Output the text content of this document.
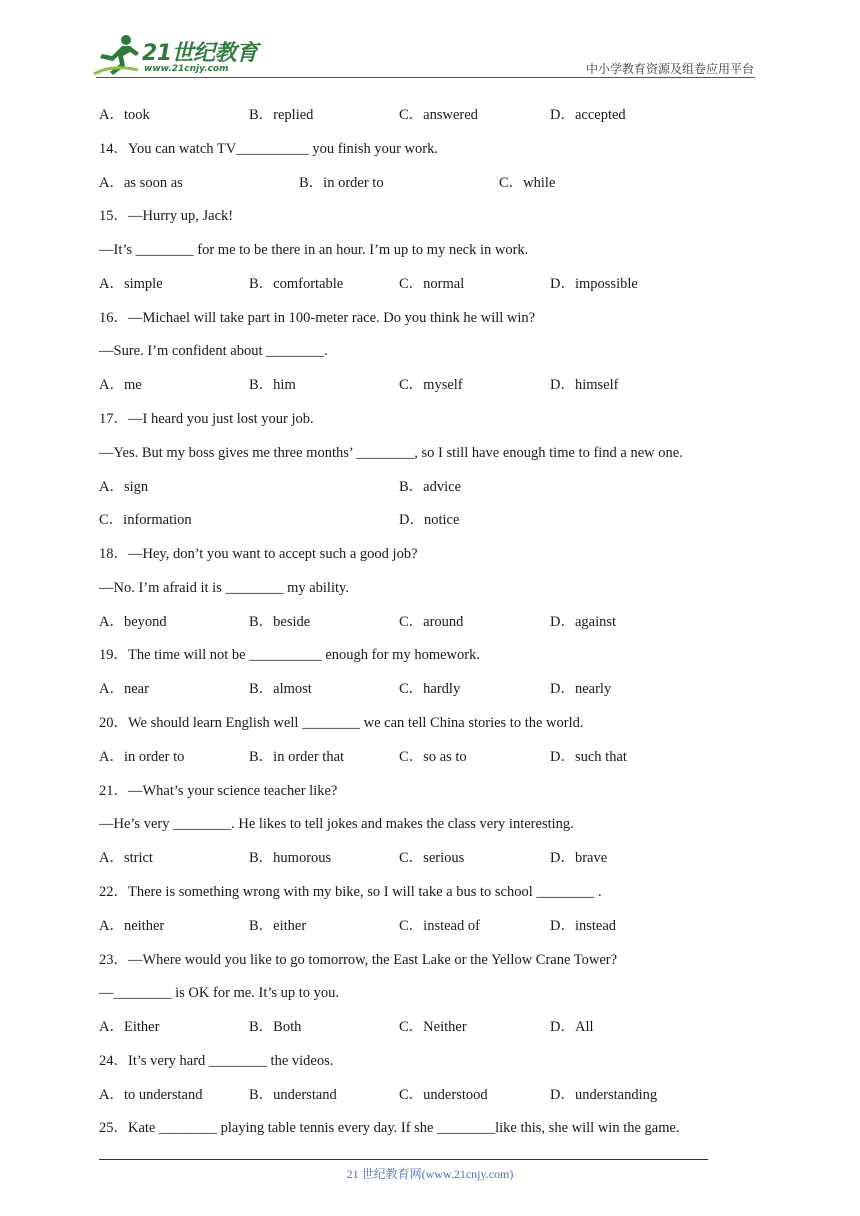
21世纪教育
www.21cnjy.com	中小学教育资源及组卷应用平台
A．took	B．replied	C．answered	D．accepted
14．You can watch TV__________ you finish your work.
A．as soon as	B．in order to	C．while
15．—Hurry up, Jack!
—It’s ________ for me to be there in an hour. I’m up to my neck in work.
A．simple	B．comfortable	C．normal	D．impossible
16．—Michael will take part in 100-meter race. Do you think he will win?
—Sure. I’m confident about ________.
A．me	B．him	C．myself	D．himself
17．—I heard you just lost your job.
—Yes. But my boss gives me three months’ ________, so I still have enough time to find a new one.
A．sign	B．advice
C．information	D．notice
18．—Hey, don’t you want to accept such a good job?
—No. I’m afraid it is ________ my ability.
A．beyond	B．beside	C．around	D．against
19．The time will not be __________ enough for my homework.
A．near	B．almost	C．hardly	D．nearly
20．We should learn English well ________ we can tell China stories to the world.
A．in order to	B．in order that	C．so as to	D．such that
21．—What’s your science teacher like?
—He’s very ________. He likes to tell jokes and makes the class very interesting.
A．strict	B．humorous	C．serious	D．brave
22．There is something wrong with my bike, so I will take a bus to school ________ .
A．neither	B．either	C．instead of	D．instead
23．—Where would you like to go tomorrow, the East Lake or the Yellow Crane Tower?
—________ is OK for me. It’s up to you.
A．Either	B．Both	C．Neither	D．All
24．It’s very hard ________ the videos.
A．to understand	B．understand	C．understood	D．understanding
25．Kate ________ playing table tennis every day. If she ________like this, she will win the game.
21 世纪教育网(www.21cnjy.com)
